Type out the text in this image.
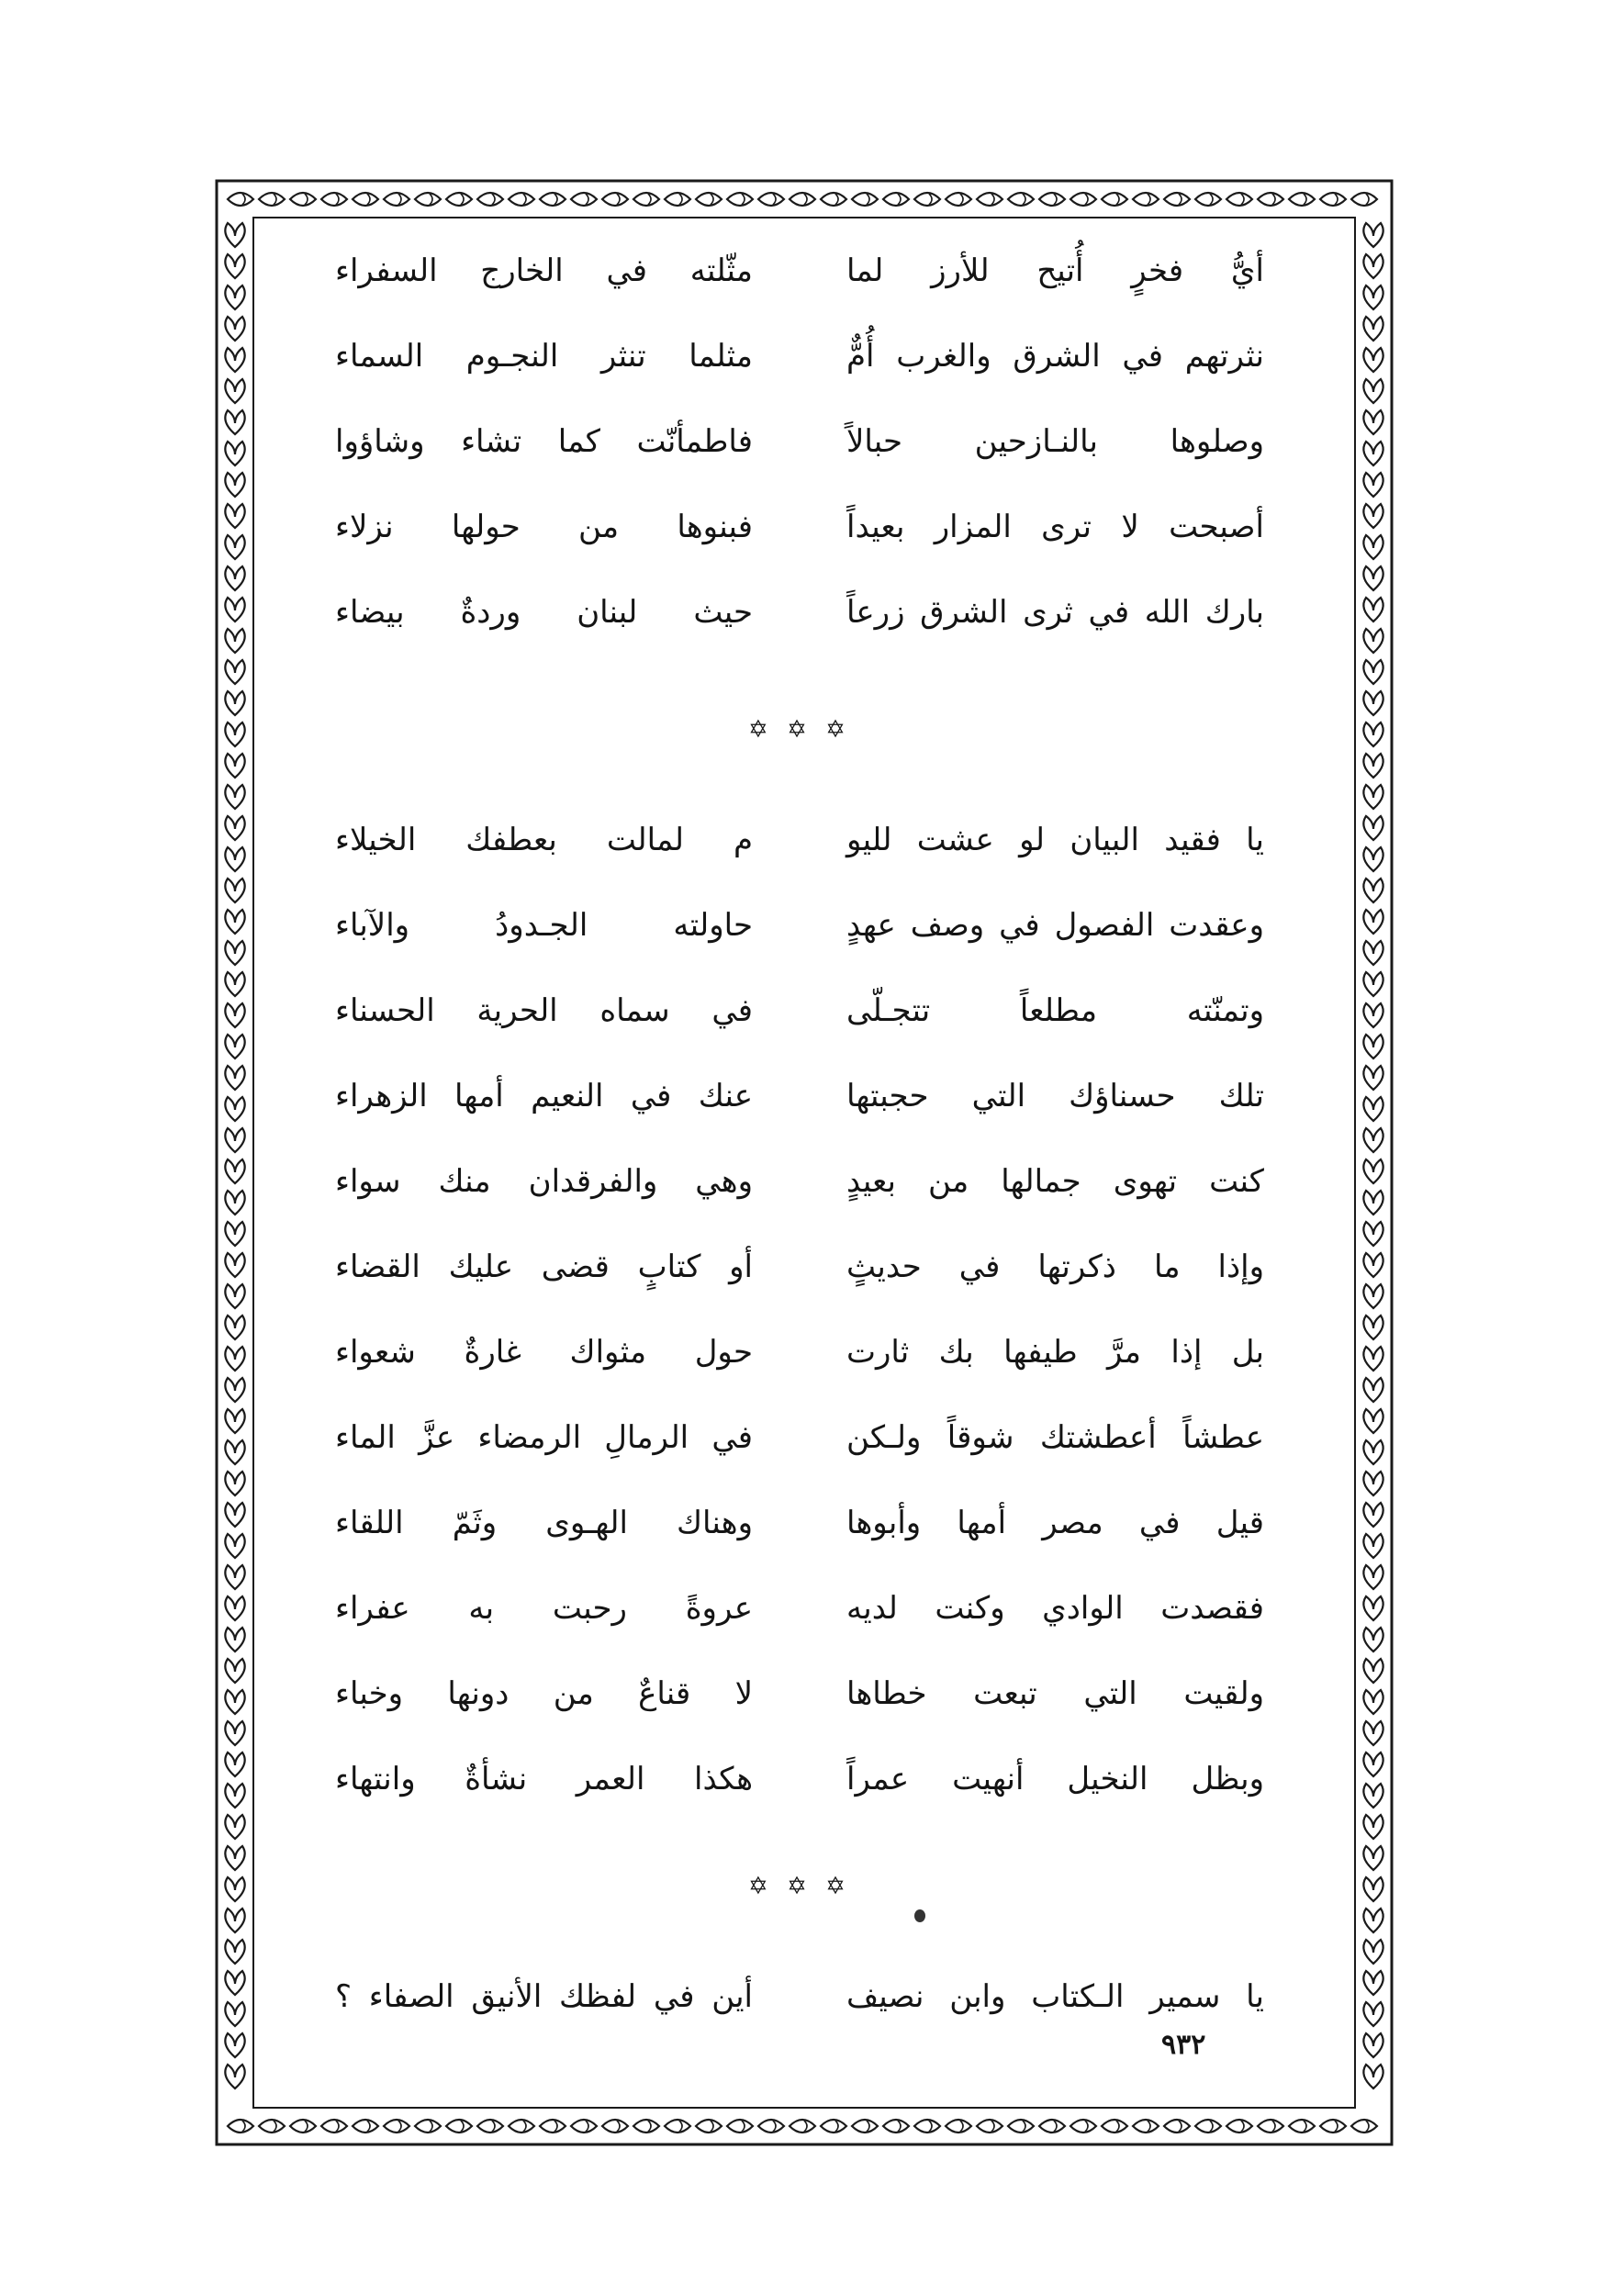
أيُّ فخرٍ أُتيح للأرز لما
مثّلته في الخارج السفراء
نثرتهم في الشرق والغرب أُمٌّ
مثلما تنثر النجـوم السماء
وصلوها بالنـازحين حبالاً
فاطمأنّت كما تشاء وشاؤوا
أصبحت لا ترى المزار بعيداً
فبنوها من حولها نزلاء
بارك الله في ثرى الشرق زرعاً
حيث لبنان وردةٌ بيضاء
✡ ✡ ✡
يا فقيد البيان لو عشت لليو
م لمالت بعطفك الخيلاء
وعقدت الفصول في وصف عهدٍ
حاولته الجـدودُ والآباء
وتمنّته مطلعاً تتجـلّى
في سماه الحرية الحسناء
تلك حسناؤك التي حجبتها
عنك في النعيم أمها الزهراء
كنت تهوى جمالها من بعيدٍ
وهي والفرقدان منك سواء
وإذا ما ذكرتها في حديثٍ
أو كتابٍ قضى عليك القضاء
بل إذا مرَّ طيفها بك ثارت
حول مثواك غارةٌ شعواء
عطشاً أعطشتك شوقاً ولـكن
في الرمالِ الرمضاء عزَّ الماء
قيل في مصر أمها وأبوها
وهناك الهـوى وثَمّ اللقاء
فقصدت الوادي وكنت لديه
عروةً رحبت به عفراء
ولقيت التي تبعت خطاها
لا قناعٌ من دونها وخباء
وبظل النخيل أنهيت عمراً
هكذا العمر نشأةٌ وانتهاء
✡ ✡ ✡
يا سمير الـكتاب وابن نصيف
أين في لفظك الأنيق الصفاء ؟
٩٣٢
